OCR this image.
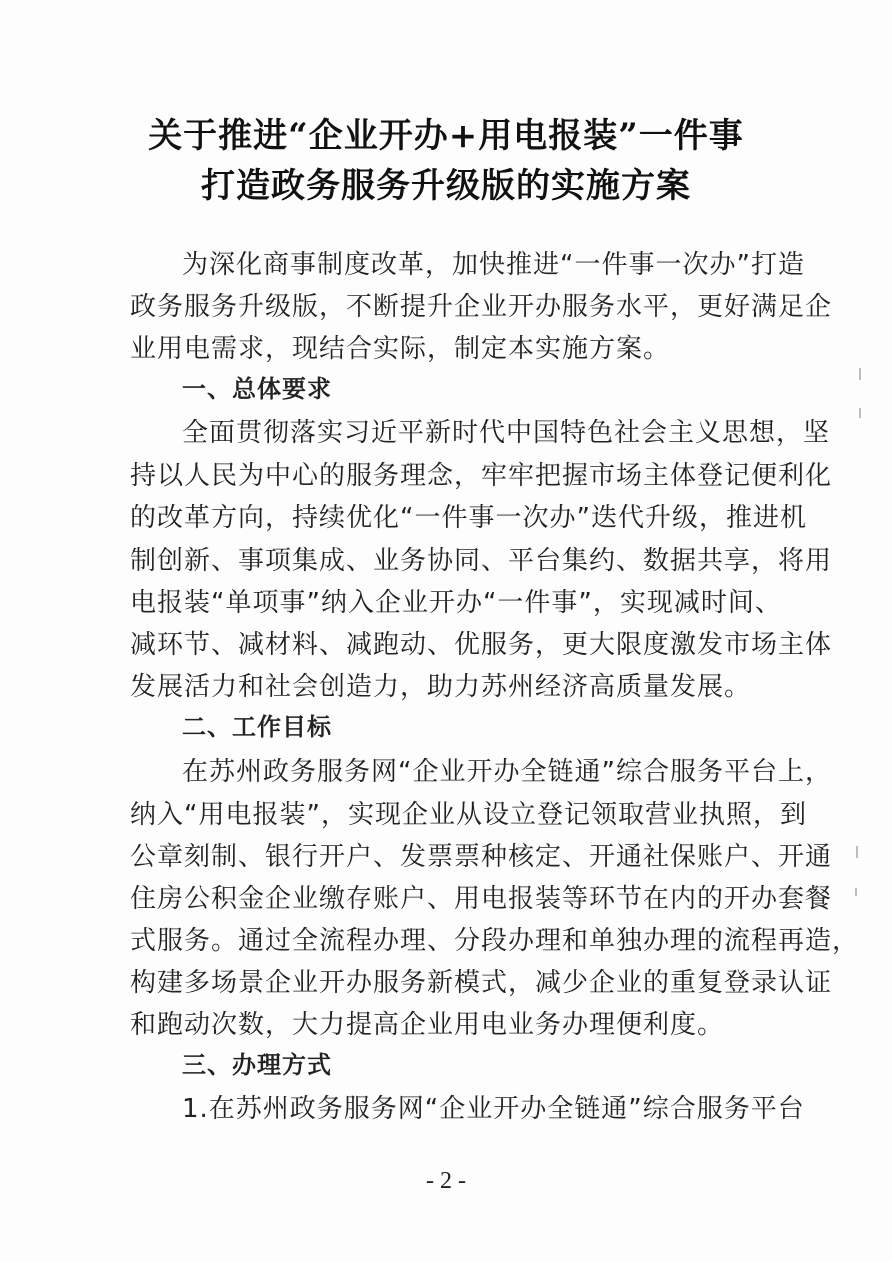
关于推进“企业开办+用电报装”一件事
打造政务服务升级版的实施方案
为深化商事制度改革，加快推进“一件事一次办”打造
政务服务升级版，不断提升企业开办服务水平，更好满足企
业用电需求，现结合实际，制定本实施方案。
一、总体要求
全面贯彻落实习近平新时代中国特色社会主义思想，坚
持以人民为中心的服务理念，牢牢把握市场主体登记便利化
的改革方向，持续优化“一件事一次办”迭代升级，推进机
制创新、事项集成、业务协同、平台集约、数据共享，将用
电报装“单项事”纳入企业开办“一件事”，实现减时间、
减环节、减材料、减跑动、优服务，更大限度激发市场主体
发展活力和社会创造力，助力苏州经济高质量发展。
二、工作目标
在苏州政务服务网“企业开办全链通”综合服务平台上，
纳入“用电报装”，实现企业从设立登记领取营业执照，到
公章刻制、银行开户、发票票种核定、开通社保账户、开通
住房公积金企业缴存账户、用电报装等环节在内的开办套餐
式服务。通过全流程办理、分段办理和单独办理的流程再造，
构建多场景企业开办服务新模式，减少企业的重复登录认证
和跑动次数，大力提高企业用电业务办理便利度。
三、办理方式
1.在苏州政务服务网“企业开办全链通”综合服务平台
- 2 -
